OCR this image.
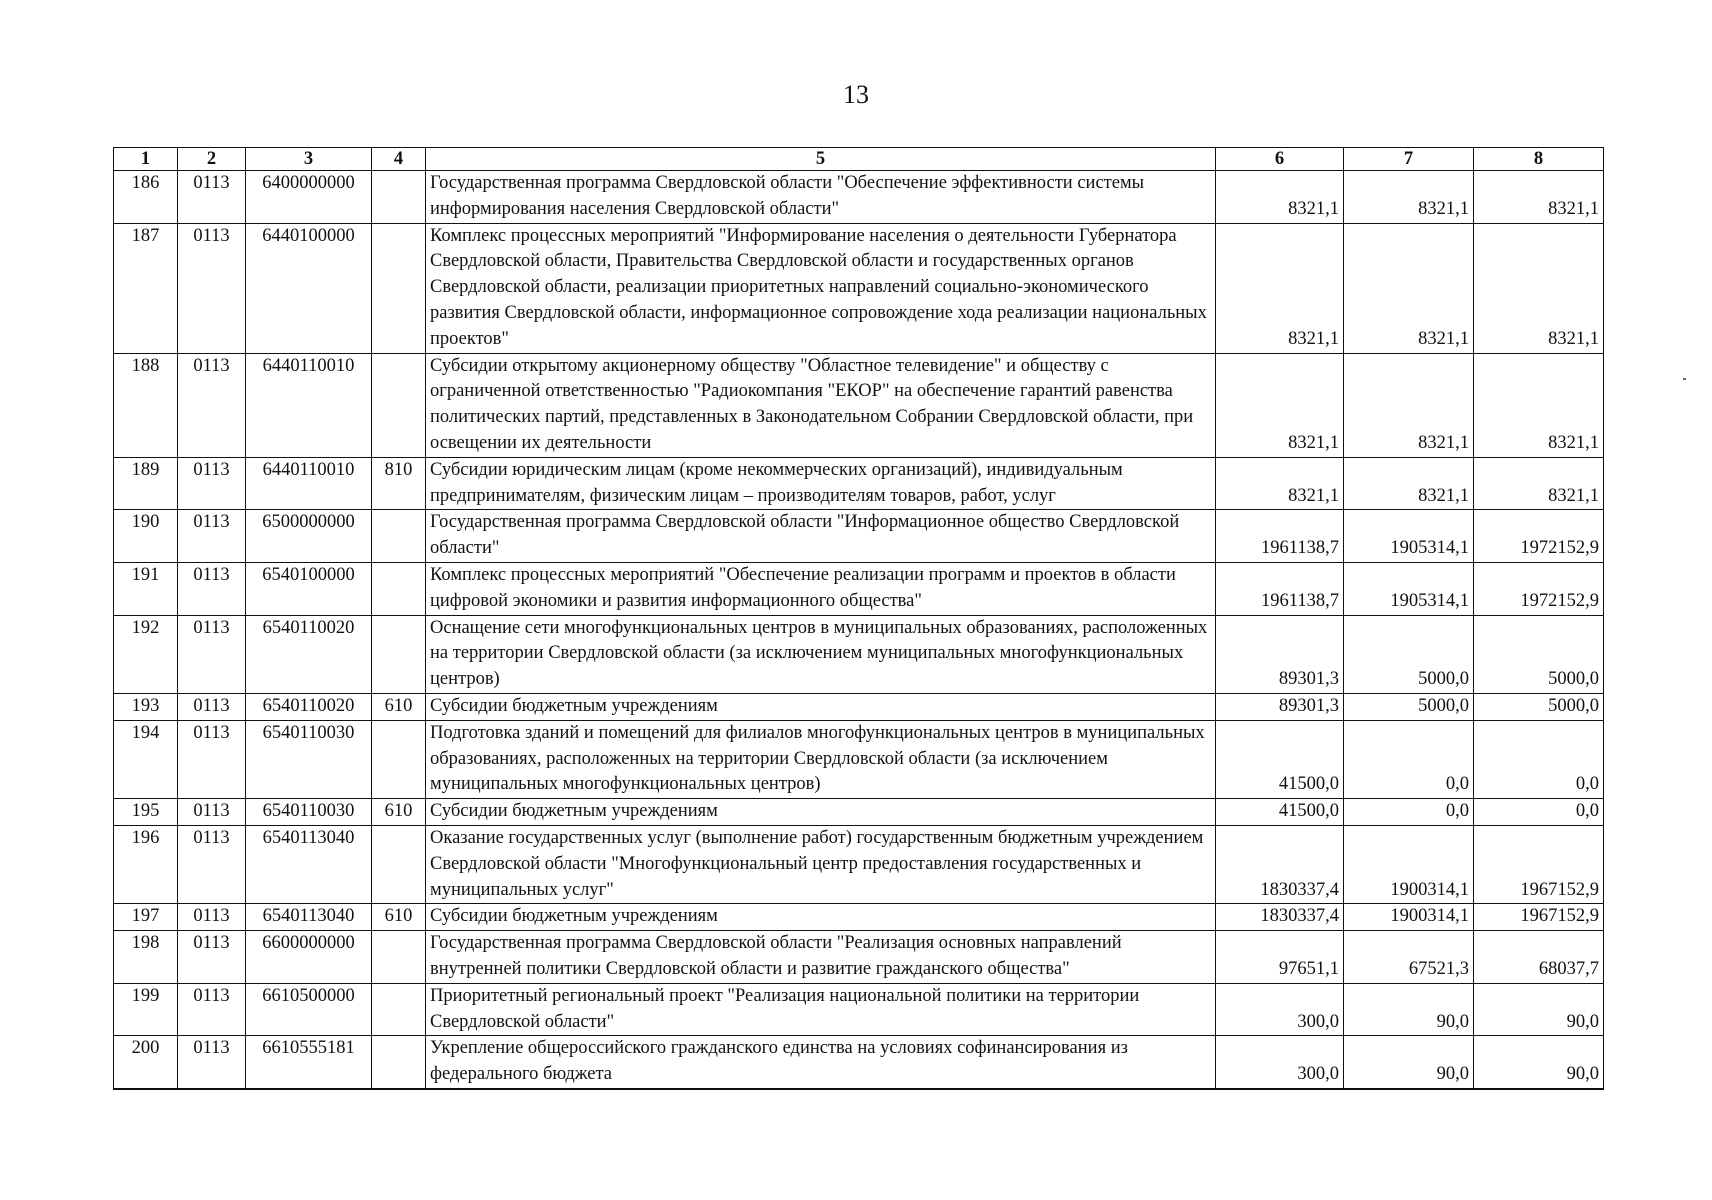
13
1	2	3	4	5	6	7	8
186	0113	6400000000		Государственная программа Свердловской области "Обеспечение эффективности системы информирования населения Свердловской области"	8321,1	8321,1	8321,1
187	0113	6440100000		Комплекс процессных мероприятий "Информирование населения о деятельности Губернатора Свердловской области, Правительства Свердловской области и государственных органов Свердловской области, реализации приоритетных направлений социально-экономического развития Свердловской области, информационное сопровождение хода реализации национальных проектов"	8321,1	8321,1	8321,1
188	0113	6440110010		Субсидии открытому акционерному обществу "Областное телевидение" и обществу с ограниченной ответственностью "Радиокомпания "ЕКОР" на обеспечение гарантий равенства политических партий, представленных в Законодательном Собрании Свердловской области, при освещении их деятельности	8321,1	8321,1	8321,1
189	0113	6440110010	810	Субсидии юридическим лицам (кроме некоммерческих организаций), индивидуальным предпринимателям, физическим лицам – производителям товаров, работ, услуг	8321,1	8321,1	8321,1
190	0113	6500000000		Государственная программа Свердловской области "Информационное общество Свердловской области"	1961138,7	1905314,1	1972152,9
191	0113	6540100000		Комплекс процессных мероприятий "Обеспечение реализации программ и проектов в области цифровой экономики и развития информационного общества"	1961138,7	1905314,1	1972152,9
192	0113	6540110020		Оснащение сети многофункциональных центров в муниципальных образованиях, расположенных на территории Свердловской области (за исключением муниципальных многофункциональных центров)	89301,3	5000,0	5000,0
193	0113	6540110020	610	Субсидии бюджетным учреждениям	89301,3	5000,0	5000,0
194	0113	6540110030		Подготовка зданий и помещений для филиалов многофункциональных центров в муниципальных образованиях, расположенных на территории Свердловской области (за исключением муниципальных многофункциональных центров)	41500,0	0,0	0,0
195	0113	6540110030	610	Субсидии бюджетным учреждениям	41500,0	0,0	0,0
196	0113	6540113040		Оказание государственных услуг (выполнение работ) государственным бюджетным учреждением Свердловской области "Многофункциональный центр предоставления государственных и муниципальных услуг"	1830337,4	1900314,1	1967152,9
197	0113	6540113040	610	Субсидии бюджетным учреждениям	1830337,4	1900314,1	1967152,9
198	0113	6600000000		Государственная программа Свердловской области "Реализация основных направлений внутренней политики Свердловской области и развитие гражданского общества"	97651,1	67521,3	68037,7
199	0113	6610500000		Приоритетный региональный проект "Реализация национальной политики на территории Свердловской области"	300,0	90,0	90,0
200	0113	6610555181		Укрепление общероссийского гражданского единства на условиях софинансирования из федерального бюджета	300,0	90,0	90,0
